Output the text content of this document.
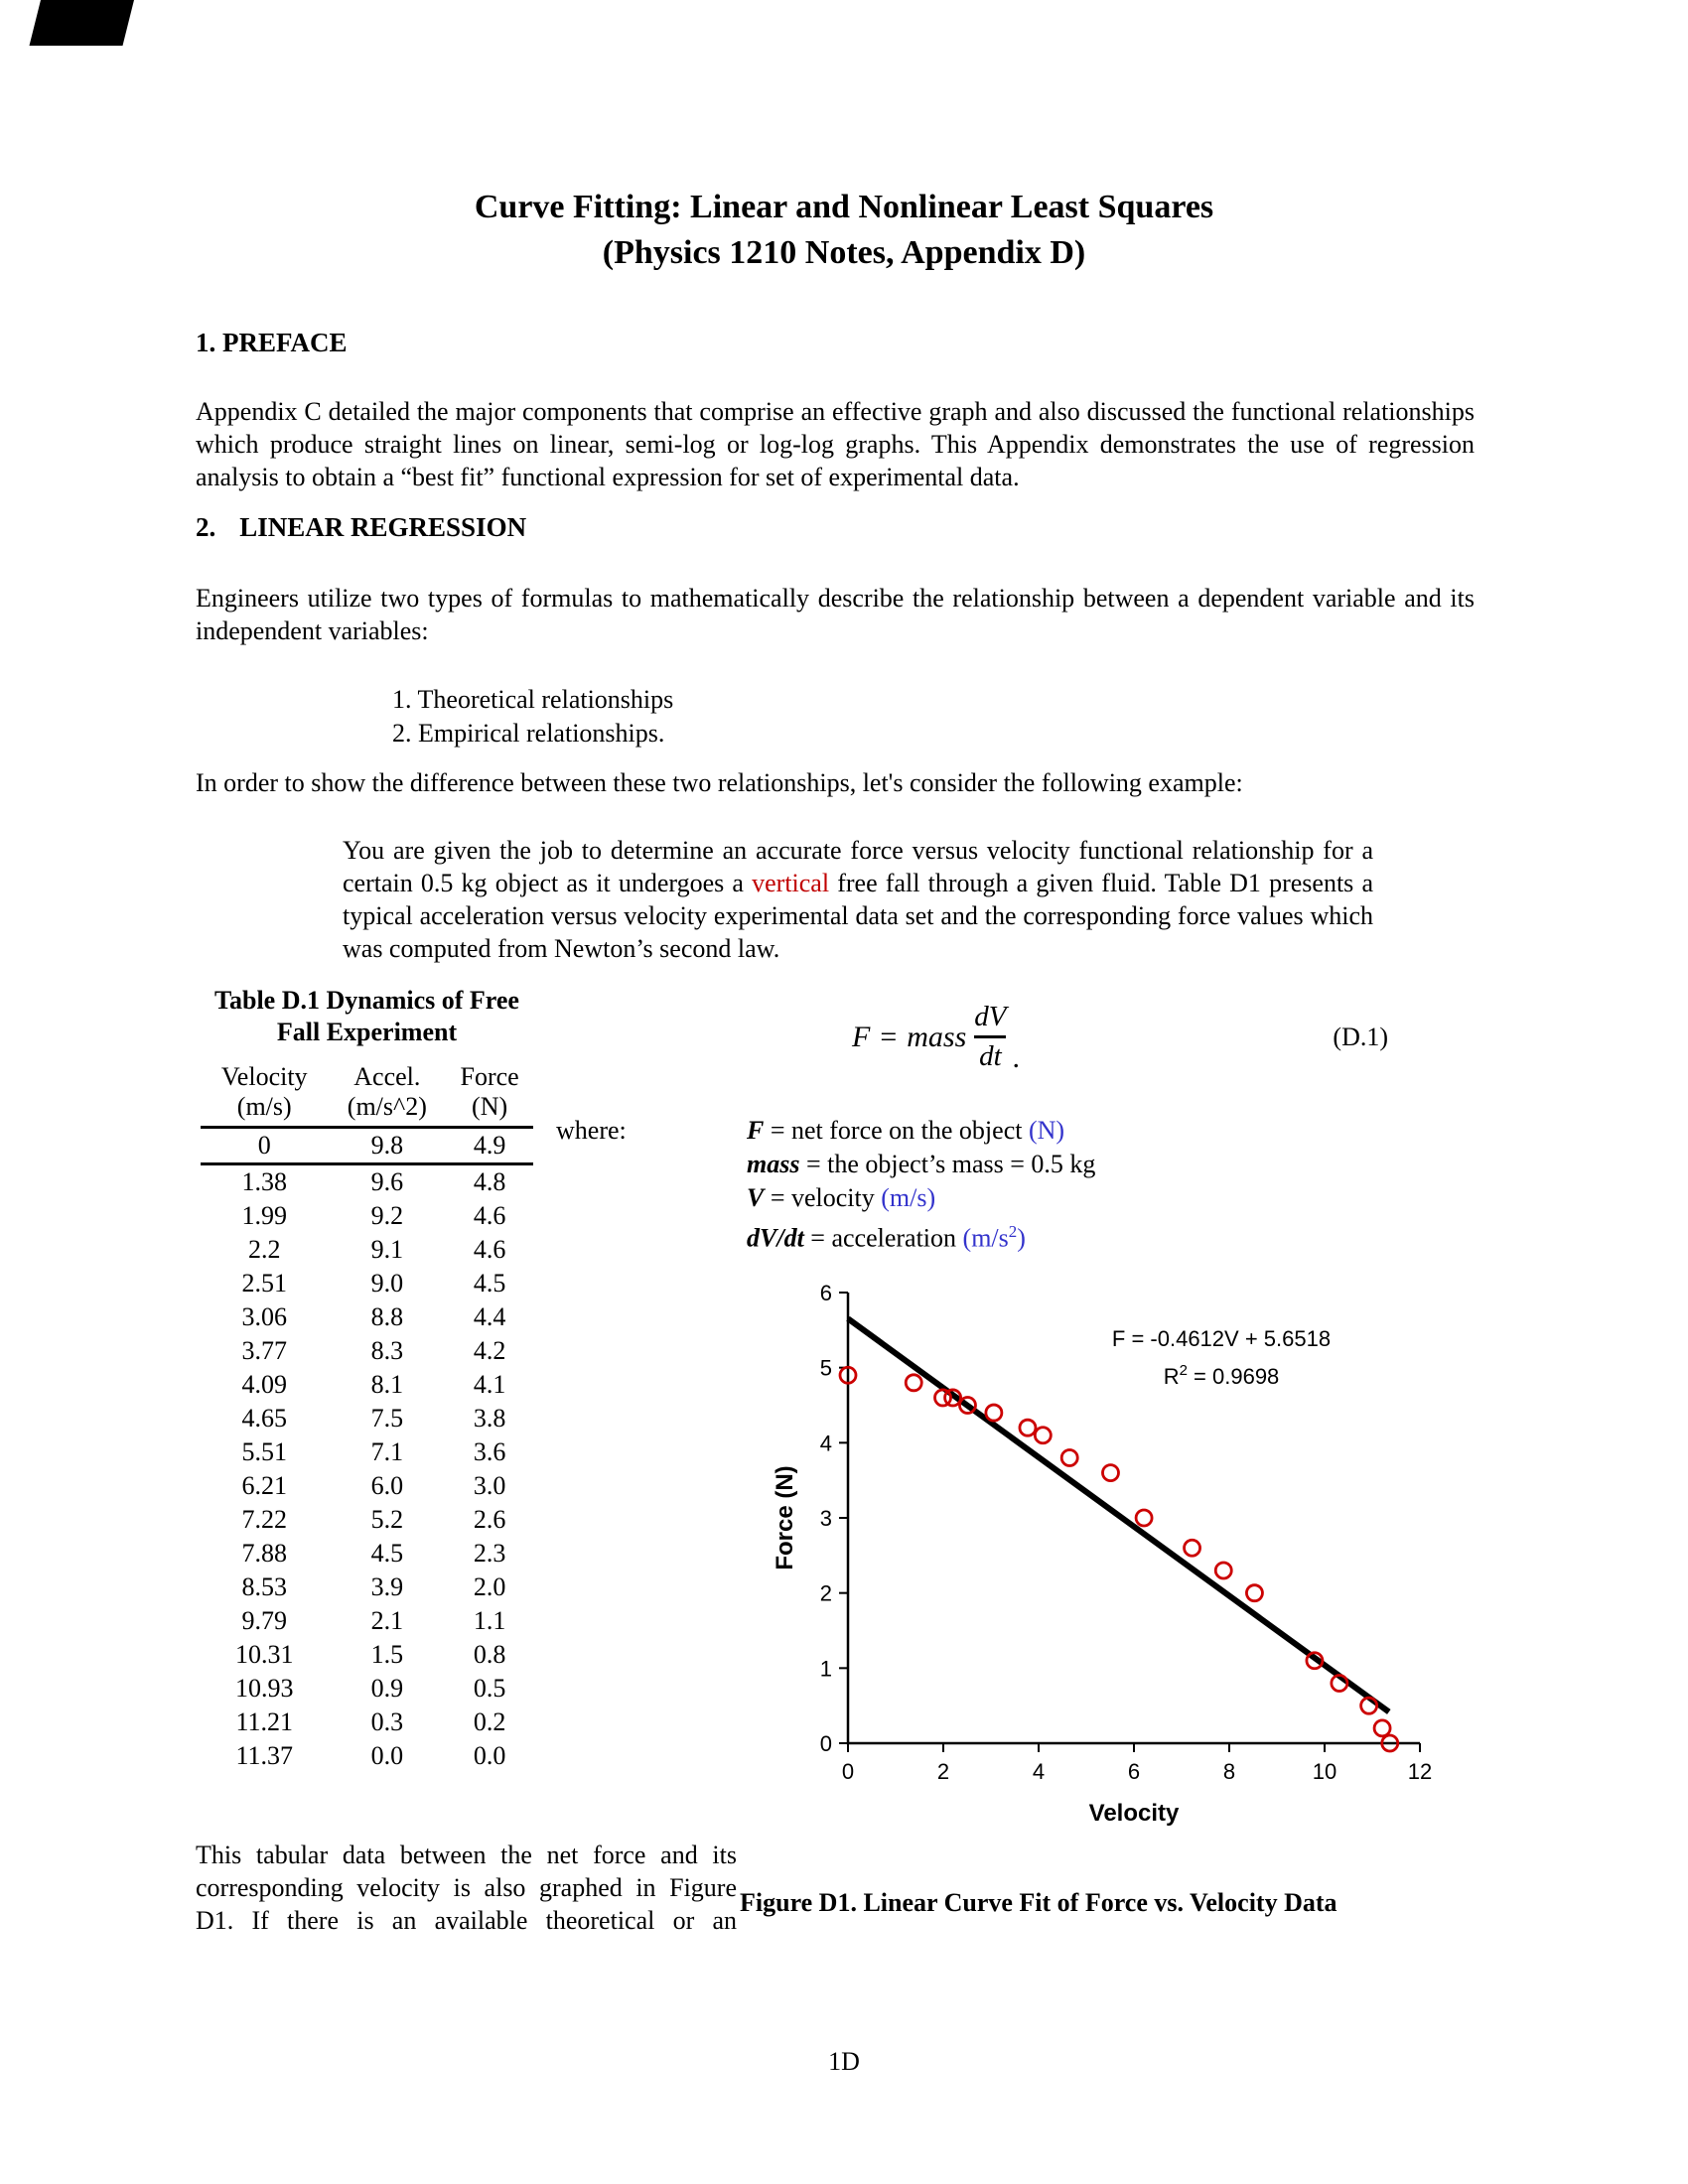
Curve Fitting: Linear and Nonlinear Least Squares
(Physics 1210 Notes, Appendix D)
1. PREFACE

Appendix C detailed the major components that comprise an effective graph and also discussed the functional relationships which produce straight lines on linear, semi-log or log-log graphs. This Appendix demonstrates the use of regression analysis to obtain a “best fit” functional expression for set of experimental data.

2. LINEAR REGRESSION

Engineers utilize two types of formulas to mathematically describe the relationship between a dependent variable and its independent variables:

1. Theoretical relationships
2. Empirical relationships.

In order to show the difference between these two relationships, let's consider the following example:

You are given the job to determine an accurate force versus velocity functional relationship for a certain 0.5 kg object as it undergoes a vertical free fall through a given fluid. Table D1 presents a typical acceleration versus velocity experimental data set and the corresponding force values which was computed from Newton’s second law.

Table D.1 Dynamics of Free
Fall Experiment
Velocity
(m/s)

Accel.
(m/s^2)

Force
(N)

0	9.8	4.9
1.38	9.6	4.8
1.99	9.2	4.6
2.2	9.1	4.6
2.51	9.0	4.5
3.06	8.8	4.4
3.77	8.3	4.2
4.09	8.1	4.1
4.65	7.5	3.8
5.51	7.1	3.6
6.21	6.0	3.0
7.22	5.2	2.6
7.88	4.5	2.3
8.53	3.9	2.0
9.79	2.1	1.1
10.31	1.5	0.8
10.93	0.9	0.5
11.21	0.3	0.2
11.37	0.0	0.0
F = mass $\frac{dV}{dt}$ .
(D.1)
where:	F = net force on the object (N)
mass = the object’s mass = 0.5 kg
V = velocity (m/s)
dV/dt = acceleration $(m/s^2)$
0
1
2
3
4
5
6
0	2	4	6	8	10	12
F = -0.4612V + 5.6518
$R^2 = 0.9698$
Velocity
Force (N)

This tabular data between the net force and its corresponding velocity is also graphed in Figure D1. If there is an available theoretical or an

Figure D1. Linear Curve Fit of Force vs. Velocity Data
1D
